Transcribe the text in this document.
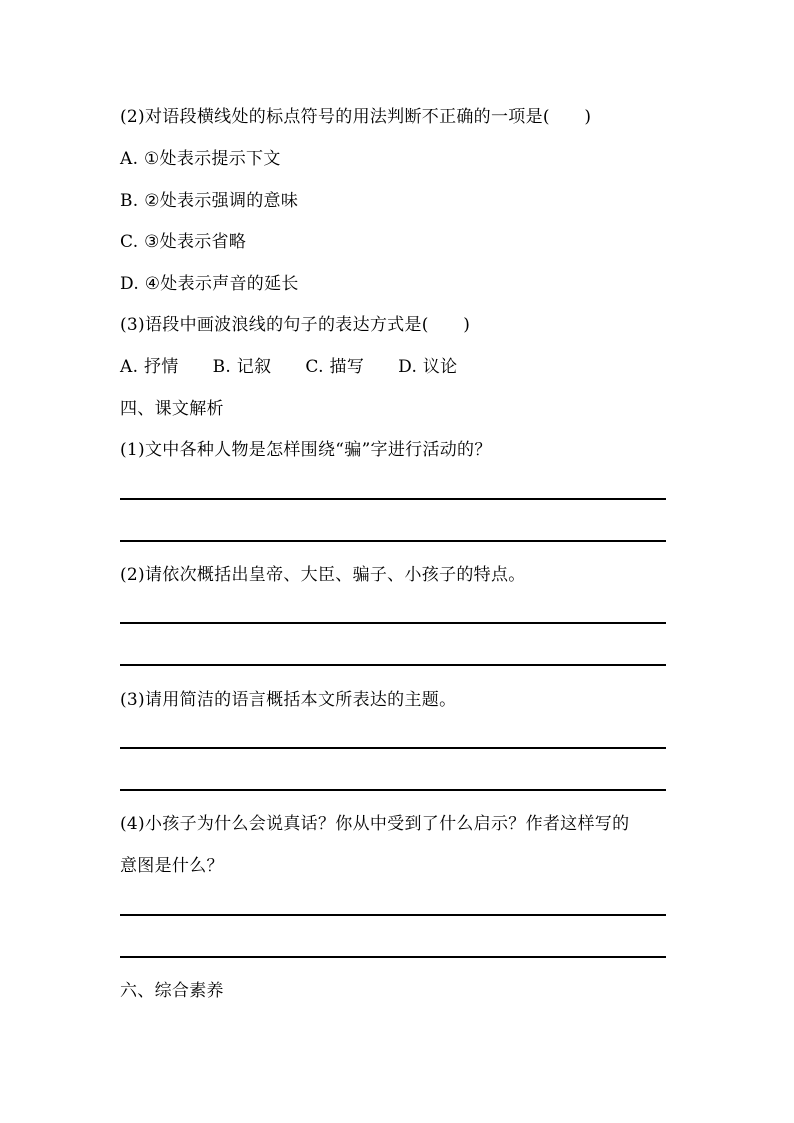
(2)对语段横线处的标点符号的用法判断不正确的一项是(　　)
A. ①处表示提示下文
B. ②处表示强调的意味
C. ③处表示省略
D. ④处表示声音的延长
(3)语段中画波浪线的句子的表达方式是(　　)
A. 抒情 B. 记叙 C. 描写 D. 议论
四、课文解析
(1)文中各种人物是怎样围绕“骗”字进行活动的？
(2)请依次概括出皇帝、大臣、骗子、小孩子的特点。
(3)请用简洁的语言概括本文所表达的主题。
(4)小孩子为什么会说真话？你从中受到了什么启示？作者这样写的
意图是什么？
六、综合素养
